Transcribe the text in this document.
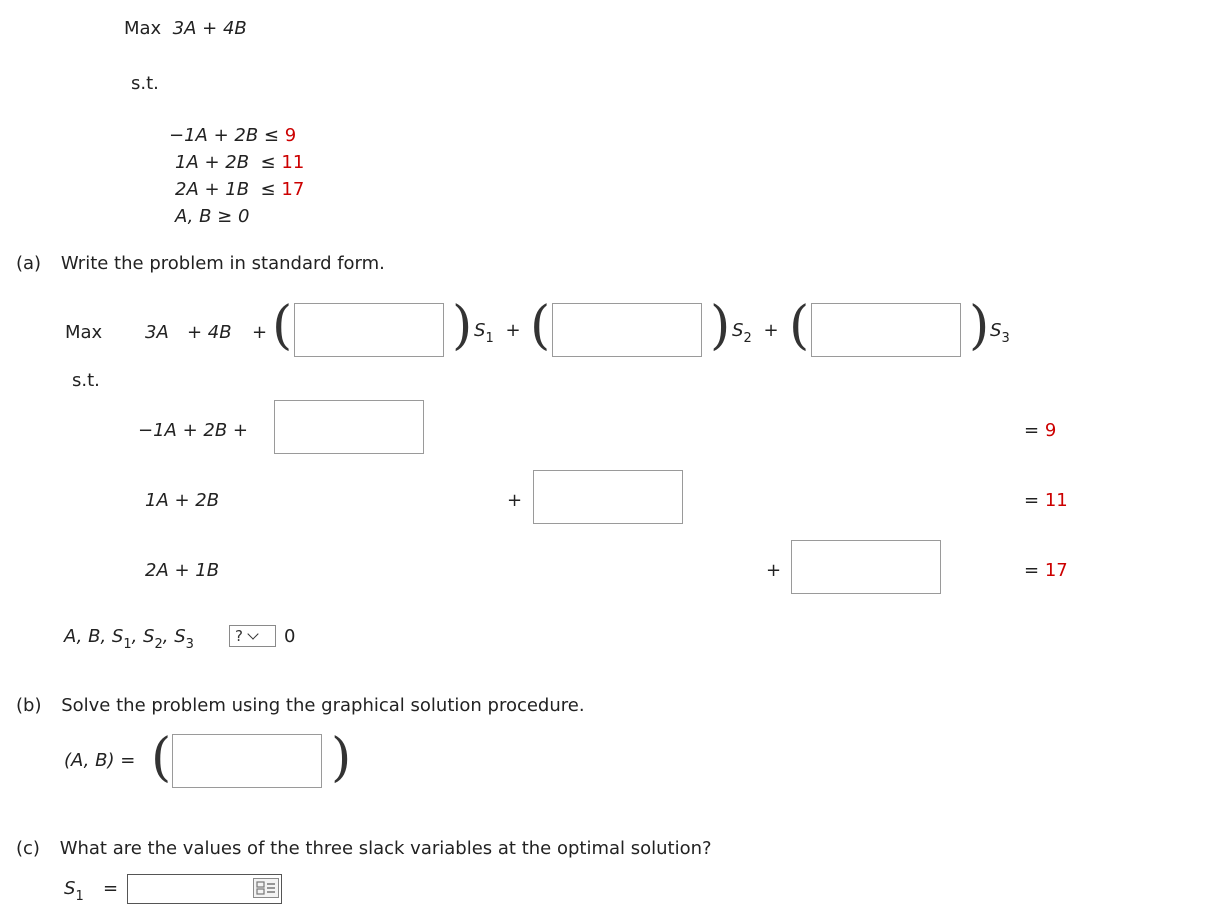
Max 3A + 4B
s.t.
−1A + 2B ≤ 9
1A + 2B ≤ 11
2A + 1B ≤ 17
A, B ≥ 0
(a) Write the problem in standard form.
Max 3A + 4B + (	) $S_1$ + (	) $S_2$ + (	) $S_3$
s.t.
−1A + 2B +	= 9
1A + 2B	+	= 11
2A + 1B	+	= 17
A, B, $S_1$, $S_2$, $S_3$	? 0
(b) Solve the problem using the graphical solution procedure.
(A, B) = (	)
(c) What are the values of the three slack variables at the optimal solution?
$S_1$ =
